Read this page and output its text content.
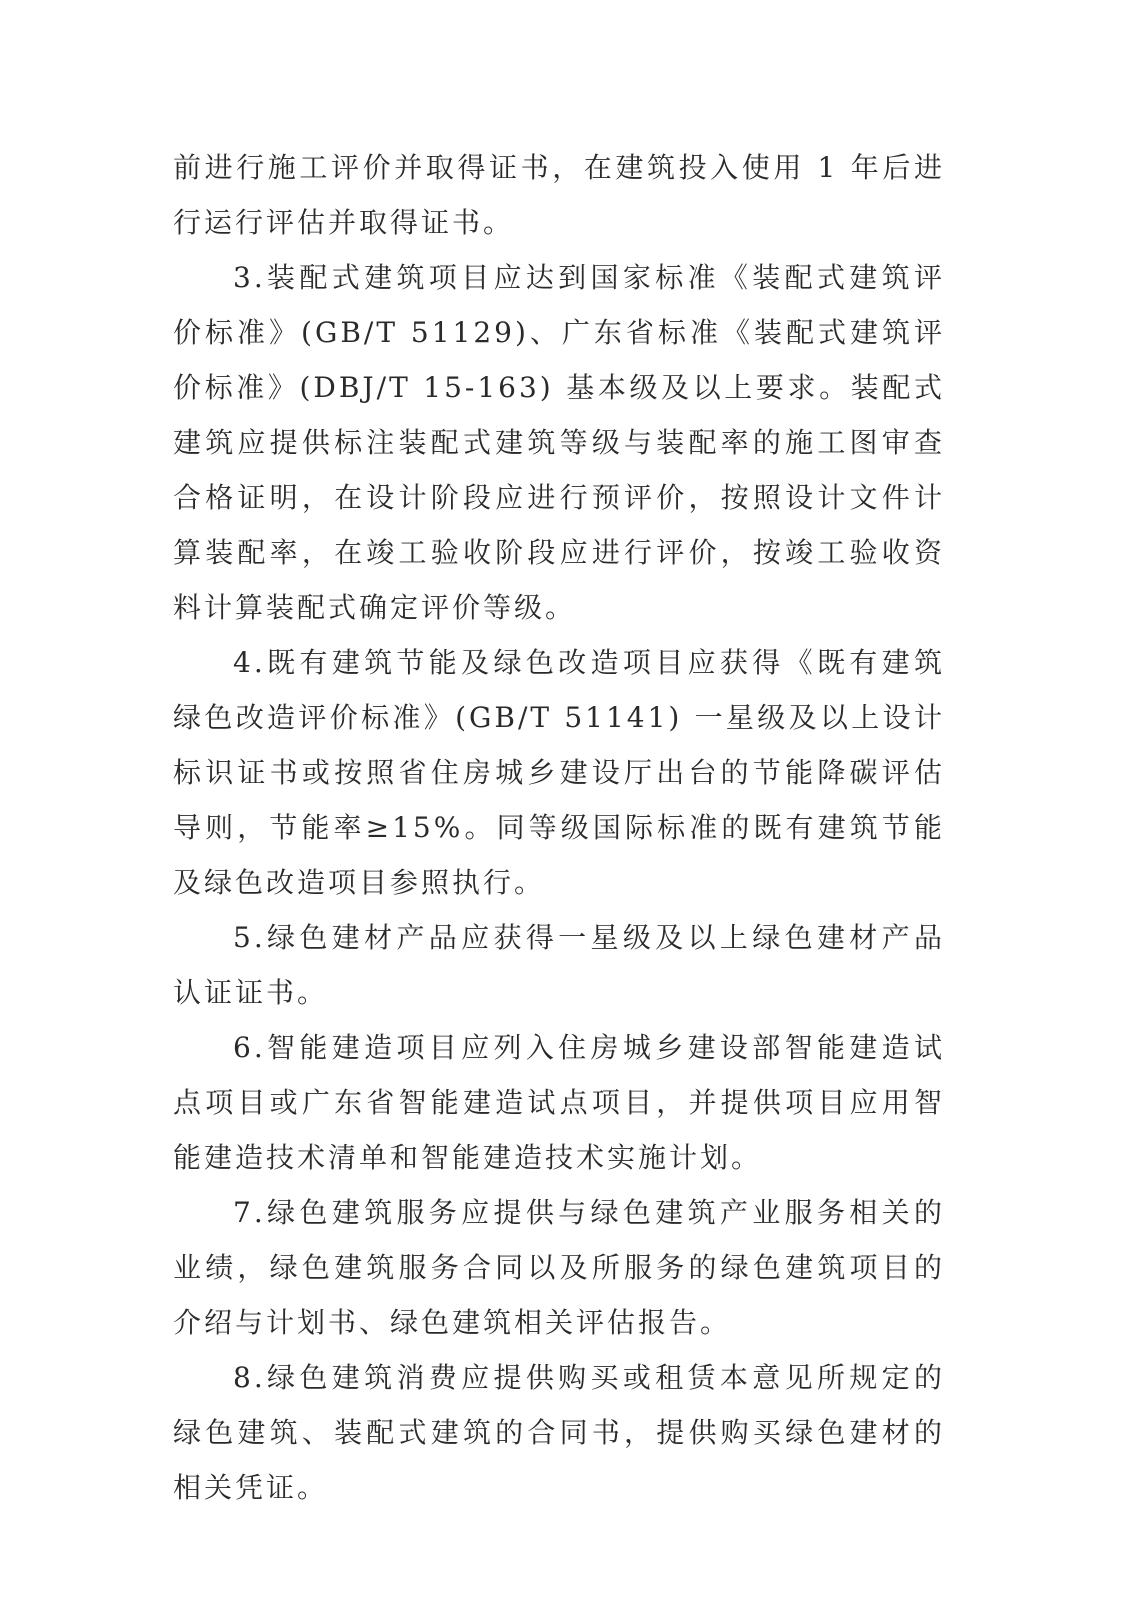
前进行施工评价并取得证书，在建筑投入使用 1 年后进行运行评估并取得证书。

3.装配式建筑项目应达到国家标准《装配式建筑评价标准》(GB/T 51129)、广东省标准《装配式建筑评价标准》(DBJ/T 15-163) 基本级及以上要求。装配式建筑应提供标注装配式建筑等级与装配率的施工图审查合格证明，在设计阶段应进行预评价，按照设计文件计算装配率，在竣工验收阶段应进行评价，按竣工验收资料计算装配式确定评价等级。

4.既有建筑节能及绿色改造项目应获得《既有建筑绿色改造评价标准》(GB/T 51141) 一星级及以上设计标识证书或按照省住房城乡建设厅出台的节能降碳评估导则，节能率≥15%。同等级国际标准的既有建筑节能及绿色改造项目参照执行。

5.绿色建材产品应获得一星级及以上绿色建材产品认证证书。

6.智能建造项目应列入住房城乡建设部智能建造试点项目或广东省智能建造试点项目，并提供项目应用智能建造技术清单和智能建造技术实施计划。

7.绿色建筑服务应提供与绿色建筑产业服务相关的业绩，绿色建筑服务合同以及所服务的绿色建筑项目的介绍与计划书、绿色建筑相关评估报告。

8.绿色建筑消费应提供购买或租赁本意见所规定的绿色建筑、装配式建筑的合同书，提供购买绿色建材的相关凭证。
